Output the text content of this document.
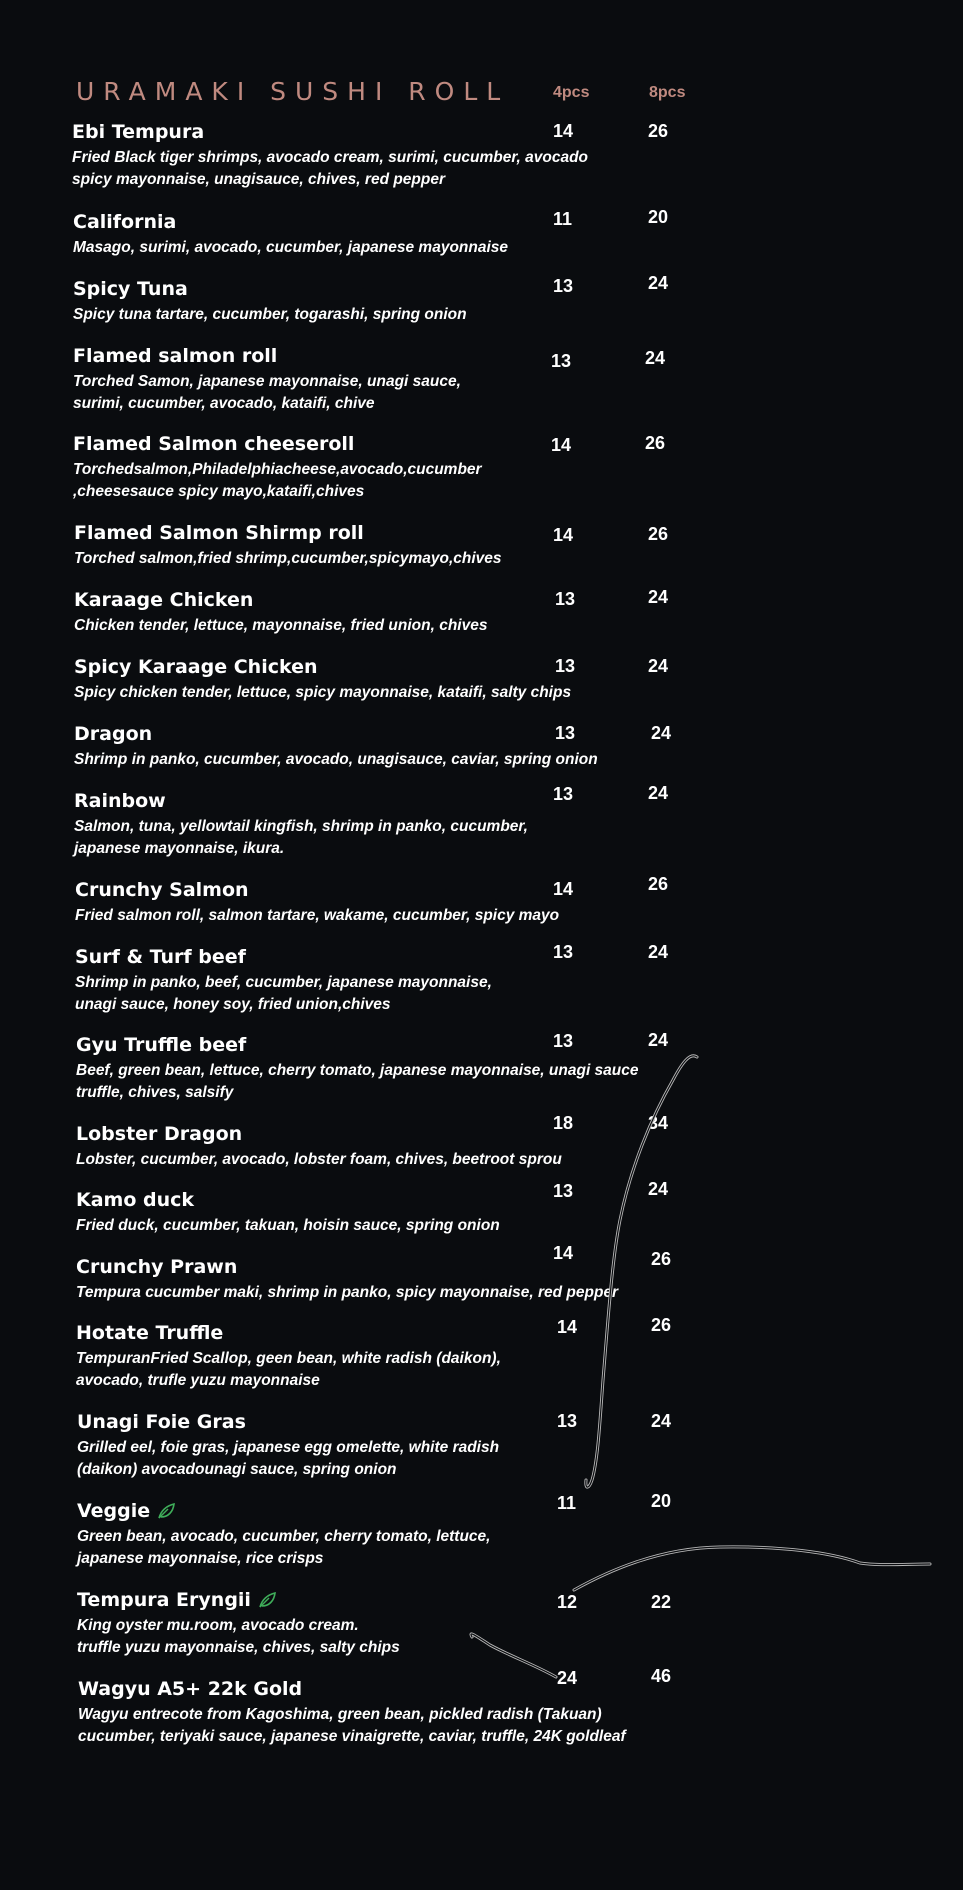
URAMAKI SUSHI ROLL	4pcs	8pcs
Ebi Tempura
Fried Black tiger shrimps, avocado cream, surimi, cucumber, avocado
spicy mayonnaise, unagisauce, chives, red pepper
14	26
California
Masago, surimi, avocado, cucumber, japanese mayonnaise
11	20
Spicy Tuna
Spicy tuna tartare, cucumber, togarashi, spring onion
13	24
Flamed salmon roll
Torched Samon, japanese mayonnaise, unagi sauce,
surimi, cucumber, avocado, kataifi, chive
13	24
Flamed Salmon cheeseroll
Torchedsalmon,Philadelphiacheese,avocado,cucumber
,cheesesauce spicy mayo,kataifi,chives
14	26
Flamed Salmon Shirmp roll
Torched salmon,fried shrimp,cucumber,spicymayo,chives
14	26
Karaage Chicken
Chicken tender, lettuce, mayonnaise, fried union, chives
13	24
Spicy Karaage Chicken
Spicy chicken tender, lettuce, spicy mayonnaise, kataifi, salty chips
13	24
Dragon
Shrimp in panko, cucumber, avocado, unagisauce, caviar, spring onion
13	24
Rainbow
Salmon, tuna, yellowtail kingfish, shrimp in panko, cucumber,
japanese mayonnaise, ikura.
13	24
Crunchy Salmon
Fried salmon roll, salmon tartare, wakame, cucumber, spicy mayo
14	26
Surf & Turf beef
Shrimp in panko, beef, cucumber, japanese mayonnaise,
unagi sauce, honey soy, fried union,chives
13	24
Gyu Truffle beef
Beef, green bean, lettuce, cherry tomato, japanese mayonnaise, unagi sauce
truffle, chives, salsify
13	24
Lobster Dragon
Lobster, cucumber, avocado, lobster foam, chives, beetroot sprou
18	34
Kamo duck
Fried duck, cucumber, takuan, hoisin sauce, spring onion
13	24
Crunchy Prawn
Tempura cucumber maki, shrimp in panko, spicy mayonnaise, red pepper
14	26
Hotate Truffle
TempuranFried Scallop, geen bean, white radish (daikon),
avocado, trufle yuzu mayonnaise
14	26
Unagi Foie Gras
Grilled eel, foie gras, japanese egg omelette, white radish
(daikon) avocadounagi sauce, spring onion
13	24
Veggie
Green bean, avocado, cucumber, cherry tomato, lettuce,
japanese mayonnaise, rice crisps
11	20
Tempura Eryngii
King oyster mu.room, avocado cream.
truffle yuzu mayonnaise, chives, salty chips
12	22
Wagyu A5+ 22k Gold
Wagyu entrecote from Kagoshima, green bean, pickled radish (Takuan)
cucumber, teriyaki sauce, japanese vinaigrette, caviar, truffle, 24K goldleaf
24	46
